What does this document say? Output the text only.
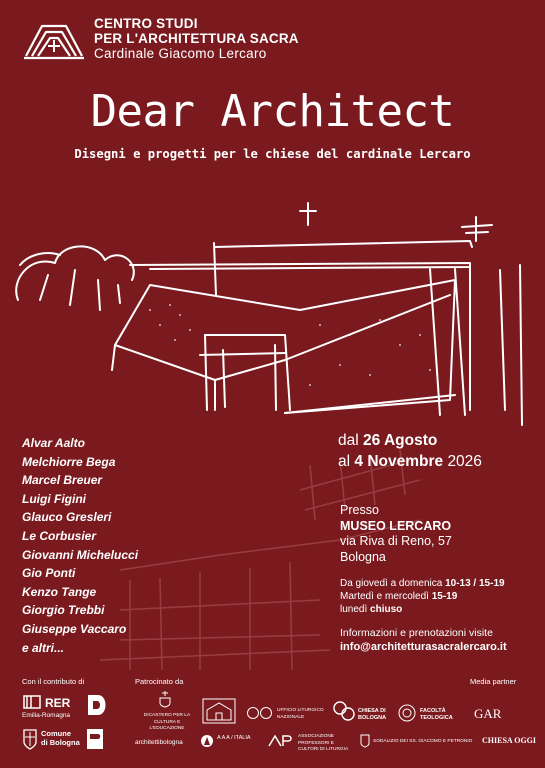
CENTRO STUDI
PER L'ARCHITETTURA SACRA
Cardinale Giacomo Lercaro
Dear Architect
Disegni e progetti per le chiese del cardinale Lercaro
Alvar Aalto
Melchiorre Bega
Marcel Breuer
Luigi Figini
Glauco Gresleri
Le Corbusier
Giovanni Michelucci
Gio Ponti
Kenzo Tange
Giorgio Trebbi
Giuseppe Vaccaro
e altri...
dal 26 Agosto
al 4 Novembre 2026
Presso
MUSEO LERCARO
via Riva di Reno, 57
Bologna
Da giovedì a domenica 10-13 / 15-19
Martedì e mercoledì 15-19
lunedì chiuso
Informazioni e prenotazioni visite
info@architetturasacralercaro.it
Con il contributo di	Patrocinato da	Media partner
RER
Emilia-Romagna
Comune
di Bologna
DICASTERO PER LA CULTURA E L'EDUCAZIONE
UFFICIO LITURGICO NAZIONALE
CHIESA DI BOLOGNA
FACOLTÀ TEOLOGICA	GAR
architettibologna
A A A / ITALIA	ASSOCIAZIONE PROFESSORI E CULTORI DI LITURGIA
SODALIZIO DEI SS. GIACOMO E PETRONIO CHIESA OGGI
